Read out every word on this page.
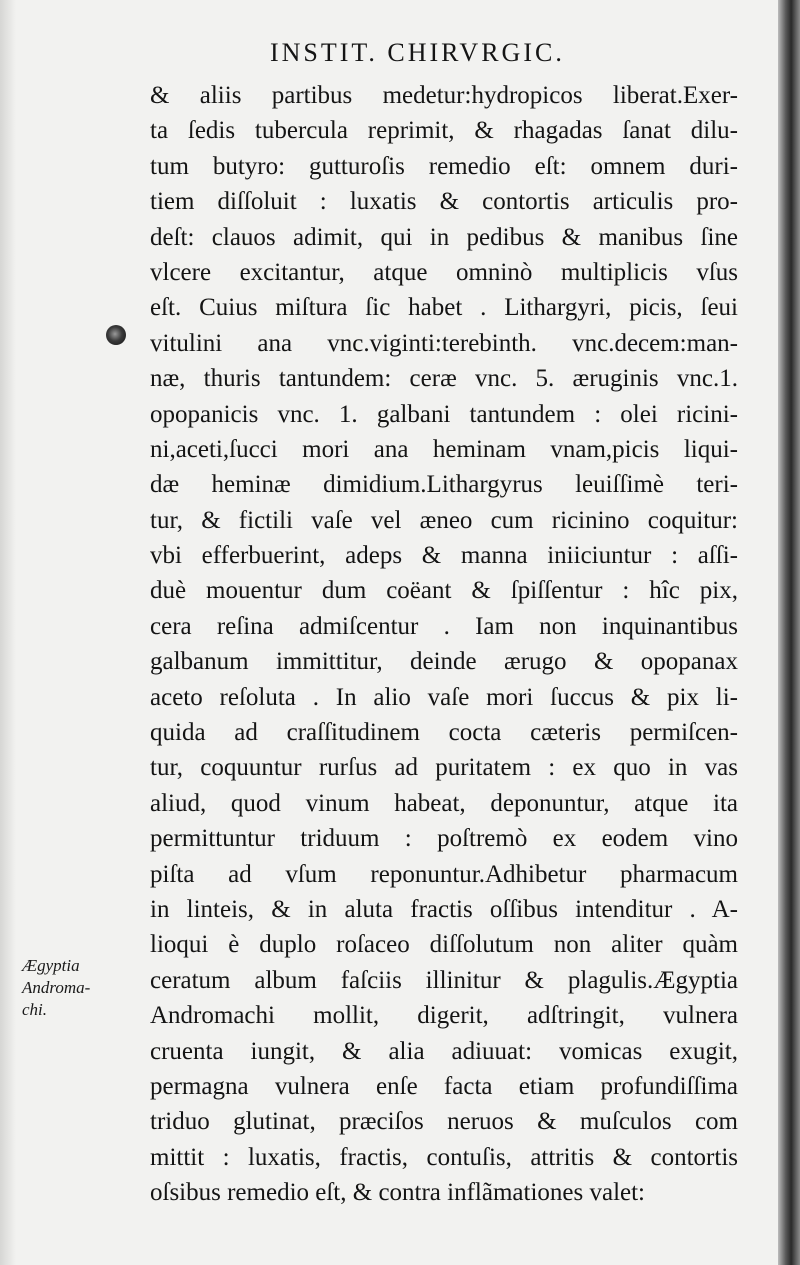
INSTIT. CHIRVRGIC.
& aliis partibus medetur:hydropicos liberat.Exer-
ta ſedis tubercula reprimit, & rhagadas ſanat dilu-
tum butyro: gutturoſis remedio eſt: omnem duri-
tiem diſſoluit : luxatis & contortis articulis pro-
deſt: clauos adimit, qui in pedibus & manibus ſine
vlcere excitantur, atque omninò multiplicis vſus
eſt. Cuius miſtura ſic habet . Lithargyri, picis, ſeui
vitulini ana vnc.viginti:terebinth. vnc.decem:man-
næ, thuris tantundem: ceræ vnc. 5. æruginis vnc.1.
opopanicis vnc. 1. galbani tantundem : olei ricini-
ni,aceti,ſucci mori ana heminam vnam,picis liqui-
dæ heminæ dimidium.Lithargyrus leuiſſimè teri-
tur, & fictili vaſe vel æneo cum ricinino coquitur:
vbi efferbuerint, adeps & manna iniiciuntur : aſſi-
duè mouentur dum coëant & ſpiſſentur : hîc pix,
cera reſina admiſcentur . Iam non inquinantibus
galbanum immittitur, deinde ærugo & opopanax
aceto reſoluta . In alio vaſe mori ſuccus & pix li-
quida ad craſſitudinem cocta cæteris permiſcen-
tur, coquuntur rurſus ad puritatem : ex quo in vas
aliud, quod vinum habeat, deponuntur, atque ita
permittuntur triduum : poſtremò ex eodem vino
piſta ad vſum reponuntur.Adhibetur pharmacum
in linteis, & in aluta fractis oſſibus intenditur . A-
lioqui è duplo roſaceo diſſolutum non aliter quàm
ceratum album faſciis illinitur & plagulis.Ægyptia
Andromachi mollit, digerit, adſtringit, vulnera
cruenta iungit, & alia adiuuat: vomicas exugit,
permagna vulnera enſe facta etiam profundiſſima
triduo glutinat, præciſos neruos & muſculos com
mittit : luxatis, fractis, contuſis, attritis & contortis
oſsibus remedio eſt, & contra inflãmationes valet:
Ægyptia
Androma-
chi.
